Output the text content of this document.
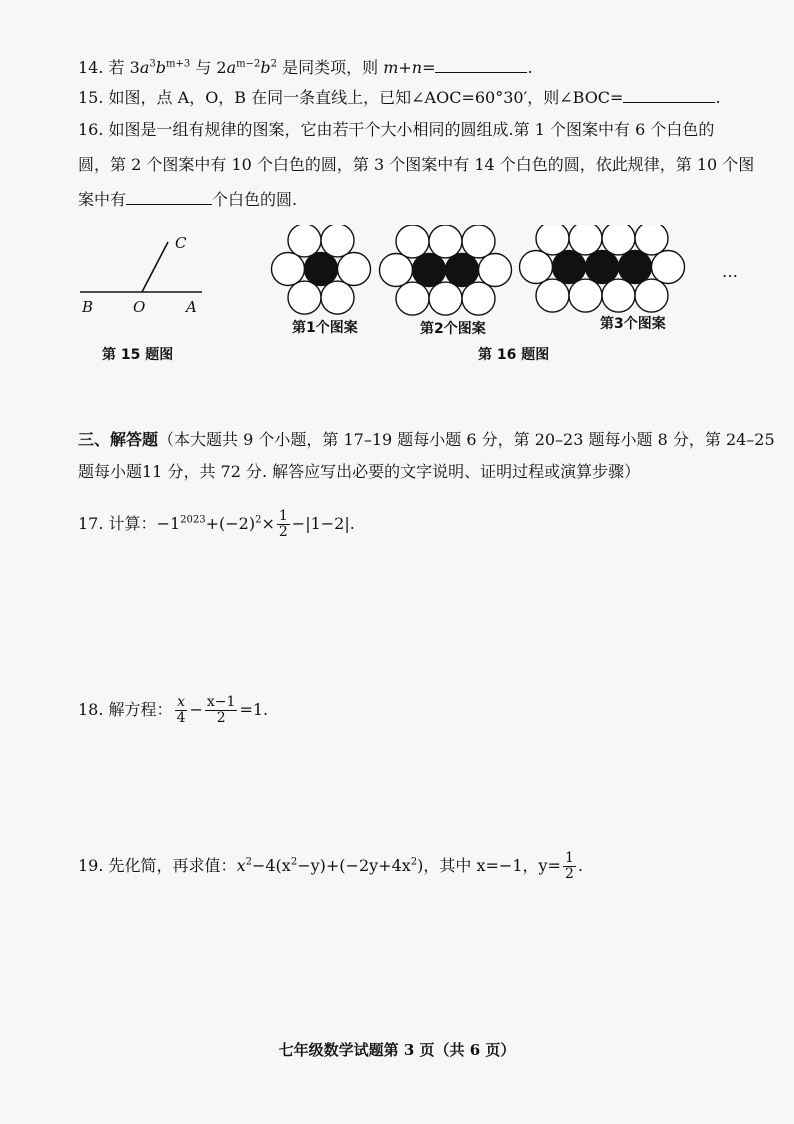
14. 若 $3a^3b^{m+3}$ 与 $2a^{m-2}b^2$ 是同类项，则 m+n=	.
15. 如图，点 A，O，B 在同一条直线上，已知∠AOC=60°30′，则∠BOC=	.
16. 如图是一组有规律的图案，它由若干个大小相同的圆组成.第 1 个图案中有 6 个白色的
圆，第 2 个图案中有 10 个白色的圆，第 3 个图案中有 14 个白色的圆，依此规律，第 10 个图
案中有	个白色的圆.
C
B	O	A
第 15 题图
…
第1个图案	第2个图案	第3个图案
第 16 题图
三、解答题（本大题共 9 个小题，第 17–19 题每小题 6 分，第 20–23 题每小题 8 分，第 24–25
题每小题11 分，共 72 分. 解答应写出必要的文字说明、证明过程或演算步骤）
17. 计算：$-1^{2023}+(-2)^2\times \frac{1}{2} -|1-2|$.
18. 解方程： $\frac{x}{4} - \frac{x-1}{2} =1$.
19. 先化简，再求值：$x^2-4(x^2-y)+(-2y+4x^2)$，其中 x=−1，$y= \frac{1}{2}$ .
七年级数学试题第 3 页（共 6 页）
